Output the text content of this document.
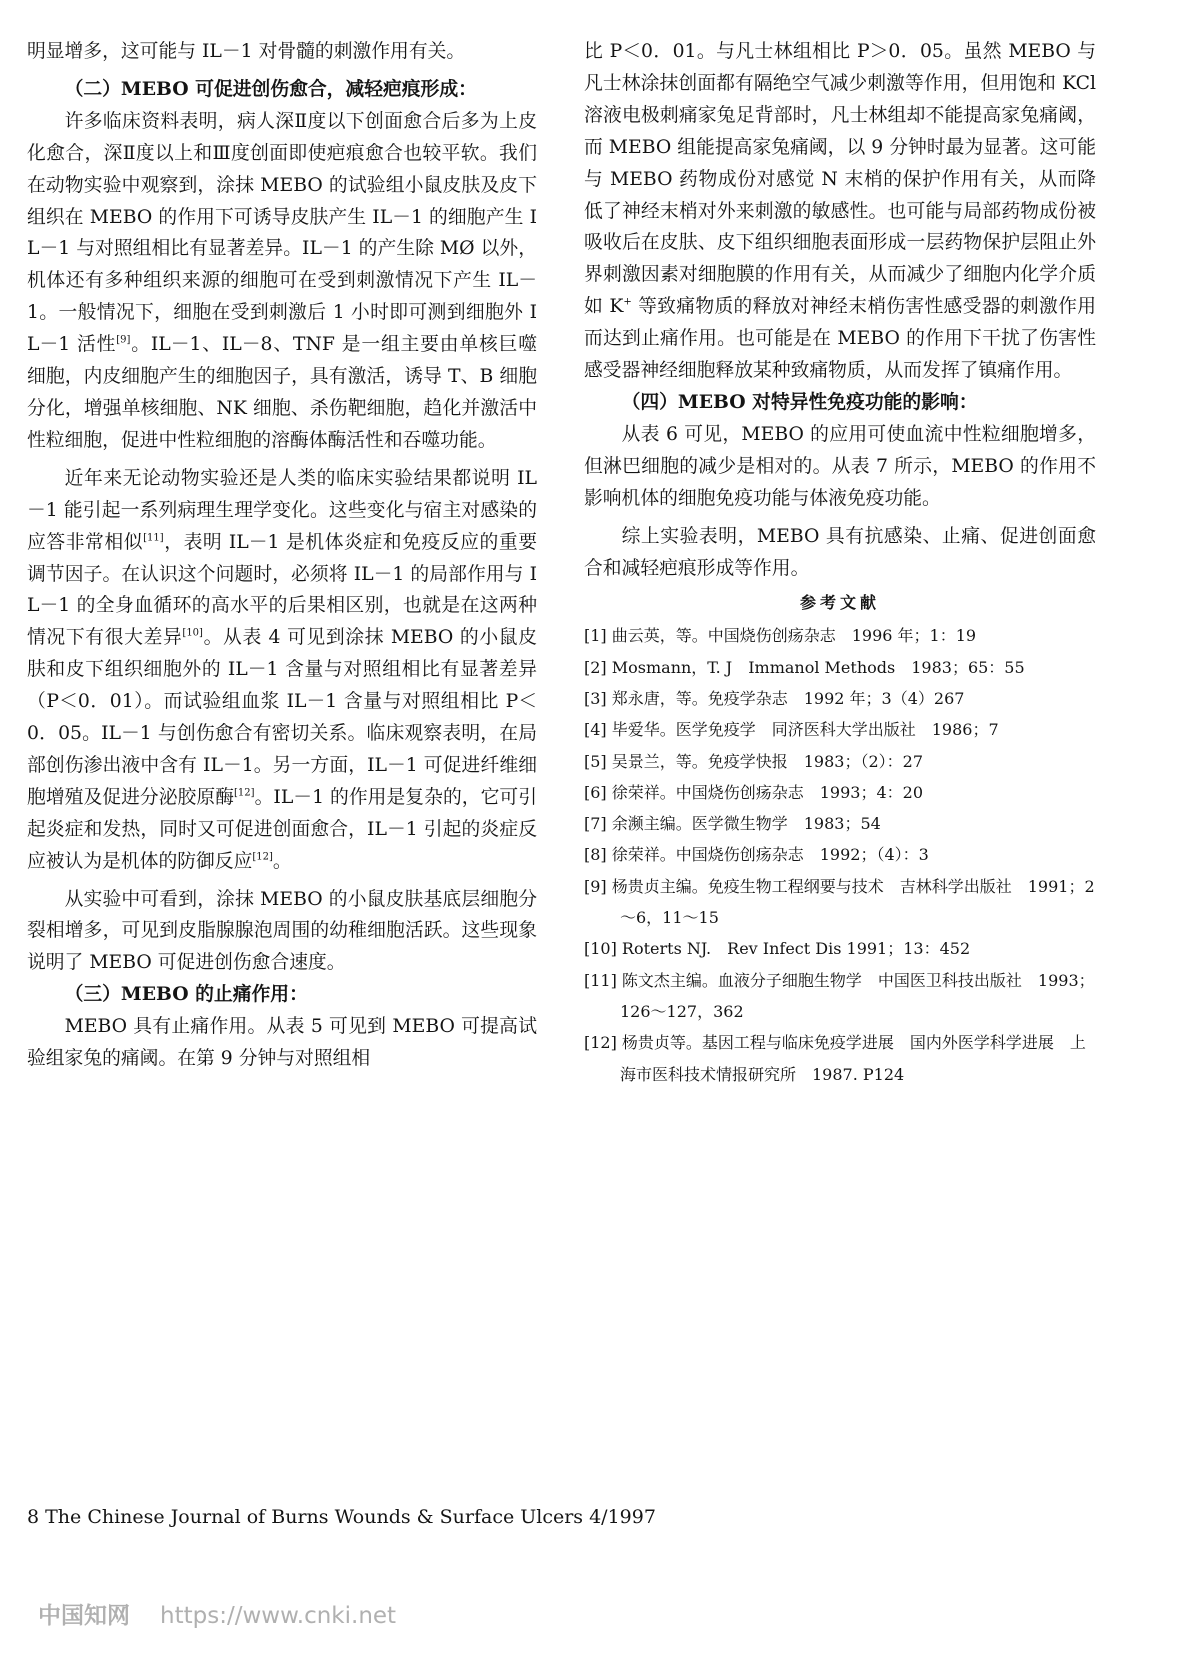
明显增多，这可能与 IL－1 对骨髓的刺激作用有关。

（二）MEBO 可促进创伤愈合，减轻疤痕形成：

许多临床资料表明，病人深Ⅱ度以下创面愈合后多为上皮化愈合，深Ⅱ度以上和Ⅲ度创面即使疤痕愈合也较平软。我们在动物实验中观察到，涂抹 MEBO 的试验组小鼠皮肤及皮下组织在 MEBO 的作用下可诱导皮肤产生 IL－1 的细胞产生 IL－1 与对照组相比有显著差异。IL－1 的产生除 MØ 以外，机体还有多种组织来源的细胞可在受到刺激情况下产生 IL－1。一般情况下，细胞在受到刺激后 1 小时即可测到细胞外 IL－1 活性[9]。IL－1、IL－8、TNF 是一组主要由单核巨噬细胞，内皮细胞产生的细胞因子，具有激活，诱导 T、B 细胞分化，增强单核细胞、NK 细胞、杀伤靶细胞，趋化并激活中性粒细胞，促进中性粒细胞的溶酶体酶活性和吞噬功能。

近年来无论动物实验还是人类的临床实验结果都说明 IL－1 能引起一系列病理生理学变化。这些变化与宿主对感染的应答非常相似[11]，表明 IL－1 是机体炎症和免疫反应的重要调节因子。在认识这个问题时，必须将 IL－1 的局部作用与 IL－1 的全身血循环的高水平的后果相区别，也就是在这两种情况下有很大差异[10]。从表 4 可见到涂抹 MEBO 的小鼠皮肤和皮下组织细胞外的 IL－1 含量与对照组相比有显著差异（P＜0．01）。而试验组血浆 IL－1 含量与对照组相比 P＜0．05。IL－1 与创伤愈合有密切关系。临床观察表明，在局部创伤渗出液中含有 IL－1。另一方面，IL－1 可促进纤维细胞增殖及促进分泌胶原酶[12]。IL－1 的作用是复杂的，它可引起炎症和发热，同时又可促进创面愈合，IL－1 引起的炎症反应被认为是机体的防御反应[12]。

从实验中可看到，涂抹 MEBO 的小鼠皮肤基底层细胞分裂相增多，可见到皮脂腺腺泡周围的幼稚细胞活跃。这些现象说明了 MEBO 可促进创伤愈合速度。

（三）MEBO 的止痛作用：

MEBO 具有止痛作用。从表 5 可见到 MEBO 可提高试验组家兔的痛阈。在第 9 分钟与对照组相

比 P＜0．01。与凡士林组相比 P＞0．05。虽然 MEBO 与凡士林涂抹创面都有隔绝空气减少刺激等作用，但用饱和 KCl 溶液电极刺痛家兔足背部时，凡士林组却不能提高家兔痛阈，而 MEBO 组能提高家兔痛阈，以 9 分钟时最为显著。这可能与 MEBO 药物成份对感觉 N 末梢的保护作用有关，从而降低了神经末梢对外来刺激的敏感性。也可能与局部药物成份被吸收后在皮肤、皮下组织细胞表面形成一层药物保护层阻止外界刺激因素对细胞膜的作用有关，从而减少了细胞内化学介质如 K+ 等致痛物质的释放对神经末梢伤害性感受器的刺激作用而达到止痛作用。也可能是在 MEBO 的作用下干扰了伤害性感受器神经细胞释放某种致痛物质，从而发挥了镇痛作用。

（四）MEBO 对特异性免疫功能的影响：

从表 6 可见，MEBO 的应用可使血流中性粒细胞增多，但淋巴细胞的减少是相对的。从表 7 所示，MEBO 的作用不影响机体的细胞免疫功能与体液免疫功能。

综上实验表明，MEBO 具有抗感染、止痛、促进创面愈合和减轻疤痕形成等作用。

参考文献
[1] 曲云英，等。中国烧伤创疡杂志　1996 年；1：19
[2] Mosmann，T. J　Immanol Methods　1983；65：55
[3] 郑永唐，等。免疫学杂志　1992 年；3（4）267
[4] 毕爱华。医学免疫学　同济医科大学出版社　1986；7
[5] 吴景兰，等。免疫学快报　1983；（2）：27
[6] 徐荣祥。中国烧伤创疡杂志　1993；4：20
[7] 余濒主编。医学微生物学　1983；54
[8] 徐荣祥。中国烧伤创疡杂志　1992；（4）：3
[9] 杨贵贞主编。免疫生物工程纲要与技术　吉林科学出版社　1991；2～6，11～15
[10] Roterts NJ.　Rev Infect Dis 1991；13：452
[11] 陈文杰主编。血液分子细胞生物学　中国医卫科技出版社　1993；126～127，362
[12] 杨贵贞等。基因工程与临床免疫学进展　国内外医学科学进展　上海市医科技术情报研究所　1987. P124
8 The Chinese Journal of Burns Wounds & Surface Ulcers 4/1997
中国知网 https://www.cnki.net
